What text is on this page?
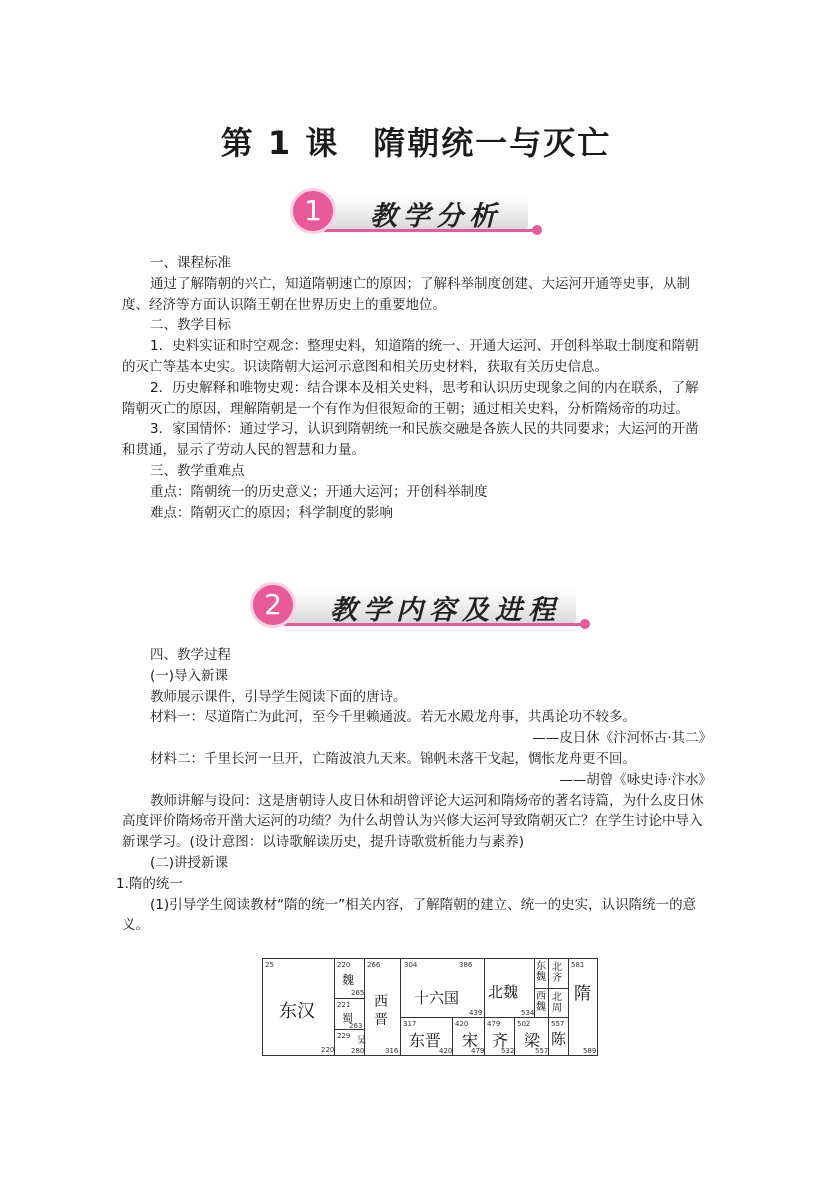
第 1 课　隋朝统一与灭亡
1	教学分析

一、课程标准

通过了解隋朝的兴亡，知道隋朝速亡的原因；了解科举制度创建、大运河开通等史事，从制度、经济等方面认识隋王朝在世界历史上的重要地位。

二、教学目标

1．史料实证和时空观念：整理史料，知道隋的统一、开通大运河、开创科举取士制度和隋朝的灭亡等基本史实。识读隋朝大运河示意图和相关历史材料，获取有关历史信息。

2．历史解释和唯物史观：结合课本及相关史料，思考和认识历史现象之间的内在联系，了解隋朝灭亡的原因，理解隋朝是一个有作为但很短命的王朝；通过相关史料，分析隋炀帝的功过。

3．家国情怀：通过学习，认识到隋朝统一和民族交融是各族人民的共同要求；大运河的开凿和贯通，显示了劳动人民的智慧和力量。

三、教学重难点

重点：隋朝统一的历史意义；开通大运河；开创科举制度

难点：隋朝灭亡的原因；科学制度的影响

2	教学内容及进程

四、教学过程

(一)导入新课

教师展示课件，引导学生阅读下面的唐诗。

材料一：尽道隋亡为此河，至今千里赖通波。若无水殿龙舟事，共禹论功不较多。

——皮日休《汴河怀古·其二》

材料二：千里长河一旦开，亡隋波浪九天来。锦帆未落干戈起，惆怅龙舟更不回。

——胡曾《咏史诗·汴水》

教师讲解与设问：这是唐朝诗人皮日休和胡曾评论大运河和隋炀帝的著名诗篇，为什么皮日休高度评价隋炀帝开凿大运河的功绩？为什么胡曾认为兴修大运河导致隋朝灭亡？在学生讨论中导入新课学习。(设计意图：以诗歌解读历史，提升诗歌赏析能力与素养)

(二)讲授新课

1.隋的统一

(1)引导学生阅读教材“隋的统一”相关内容，了解隋朝的建立、统一的史实，认识隋统一的意义。

东汉
魏
蜀
吴
西晋
十六国 北魏
东晋 宋 齐 梁 陈
东魏
西魏
北齐
北周
隋
25
220
220
265
221
263
229
280
266
316
304	386
439	534
317
420
420
479
479
532
502
557
557
589
581
